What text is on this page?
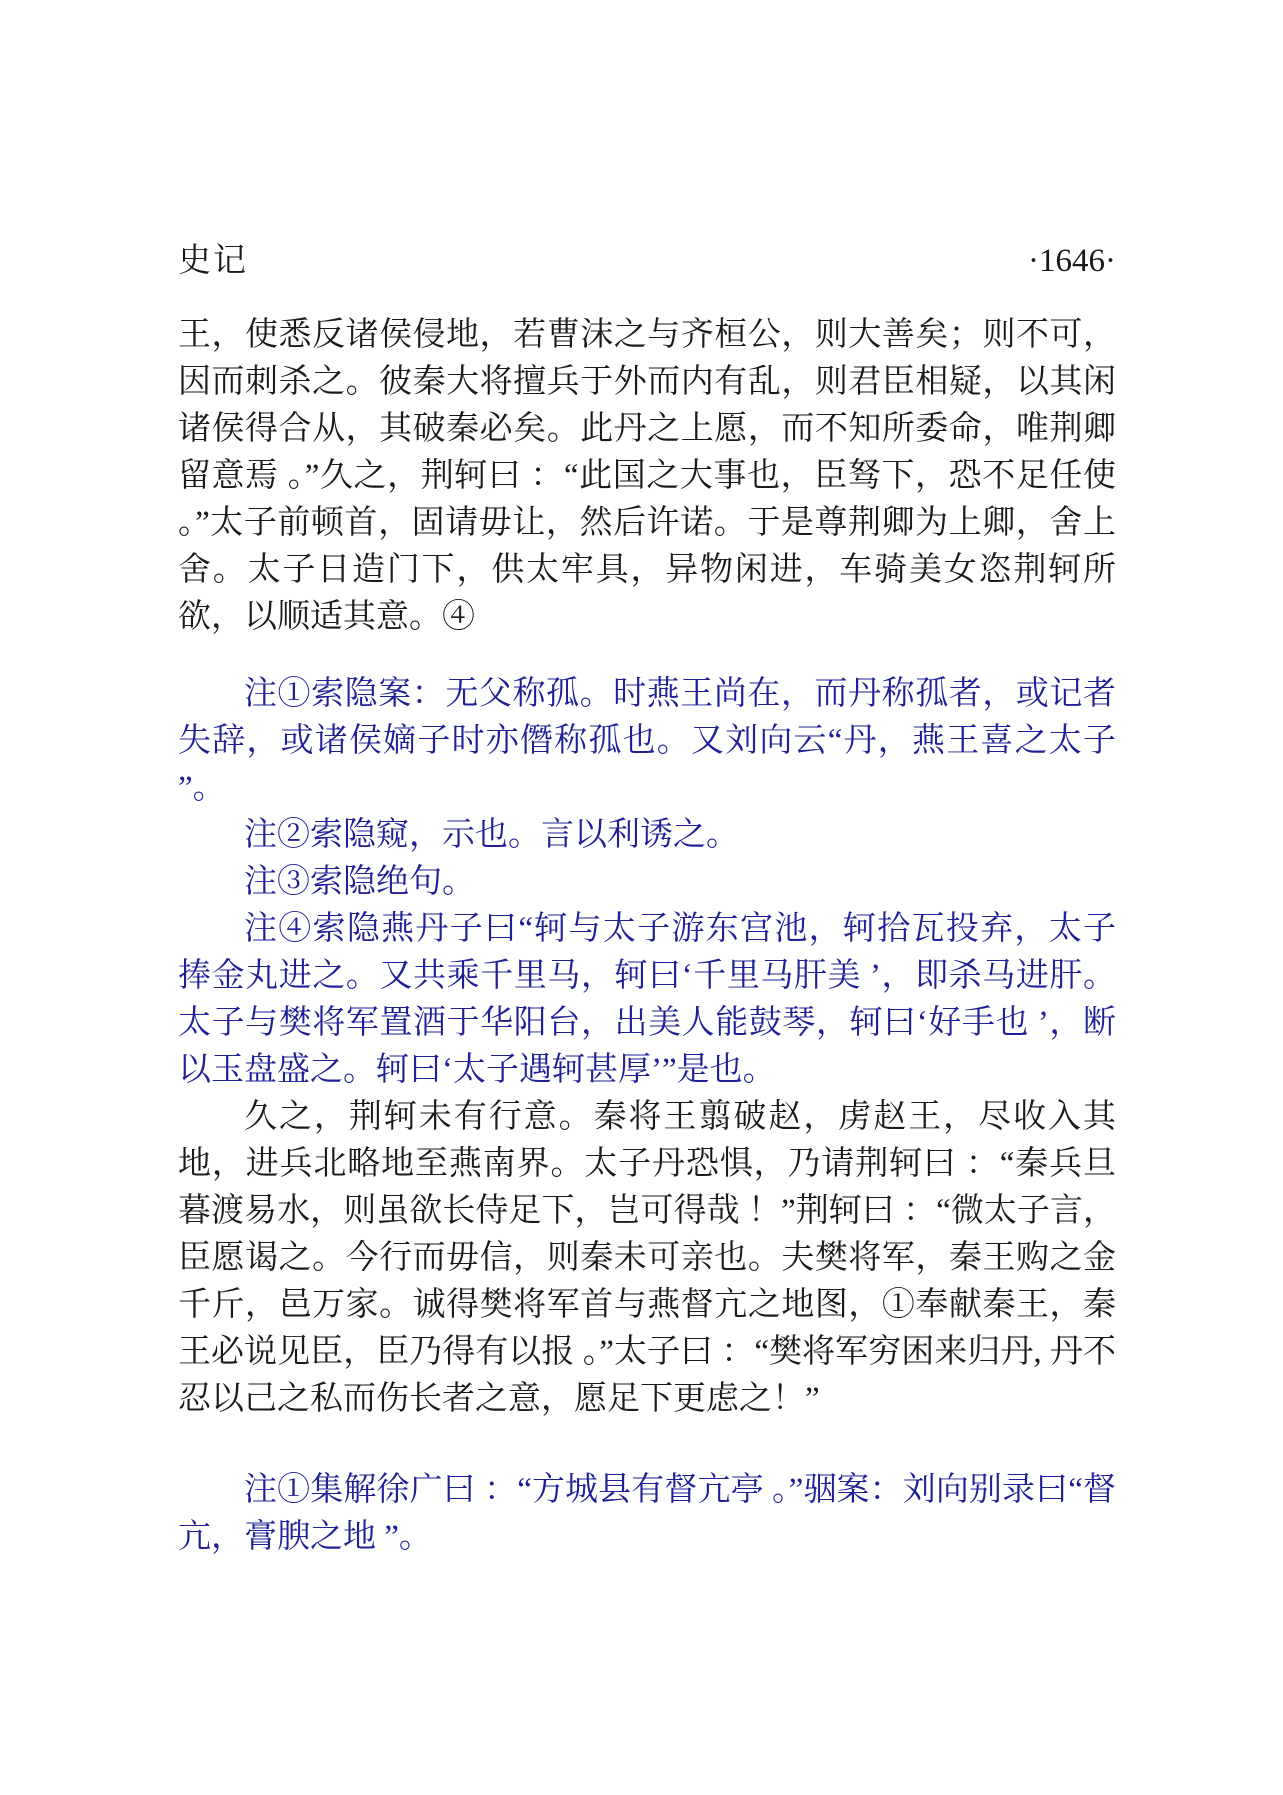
史记	·1646·

王，使悉反诸侯侵地，若曹沫之与齐桓公，则大善矣；则不可，因而刺杀之。彼秦大将擅兵于外而内有乱，则君臣相疑，以其闲诸侯得合从，其破秦必矣。此丹之上愿，而不知所委命，唯荆卿留意焉 。”久之，荆轲曰 ：“此国之大事也，臣驽下，恐不足任使 。”太子前顿首，固请毋让，然后许诺。于是尊荆卿为上卿，舍上舍。太子日造门下，供太牢具，异物闲进，车骑美女恣荆轲所欲，以顺适其意。④

注①索隐案：无父称孤。时燕王尚在，而丹称孤者，或记者失辞，或诸侯嫡子时亦僭称孤也。又刘向云“丹，燕王喜之太子 ”。

注②索隐窥，示也。言以利诱之。

注③索隐绝句。

注④索隐燕丹子曰“轲与太子游东宫池，轲拾瓦投弃，太子捧金丸进之。又共乘千里马，轲曰‘千里马肝美 ’，即杀马进肝。太子与樊将军置酒于华阳台，出美人能鼓琴，轲曰‘好手也 ’，断以玉盘盛之。轲曰‘太子遇轲甚厚’”是也。

久之，荆轲未有行意。秦将王翦破赵，虏赵王，尽收入其地，进兵北略地至燕南界。太子丹恐惧，乃请荆轲曰 ：“秦兵旦暮渡易水，则虽欲长侍足下，岂可得哉 ！”荆轲曰 ：“微太子言，臣愿谒之。今行而毋信，则秦未可亲也。夫樊将军，秦王购之金千斤，邑万家。诚得樊将军首与燕督亢之地图，①奉献秦王，秦王必说见臣，臣乃得有以报 。”太子曰 ：“樊将军穷困来归丹, 丹不忍以己之私而伤长者之意，愿足下更虑之！”

注①集解徐广曰 ：“方城县有督亢亭 。”骃案：刘向别录曰“督亢，膏腴之地 ”。
